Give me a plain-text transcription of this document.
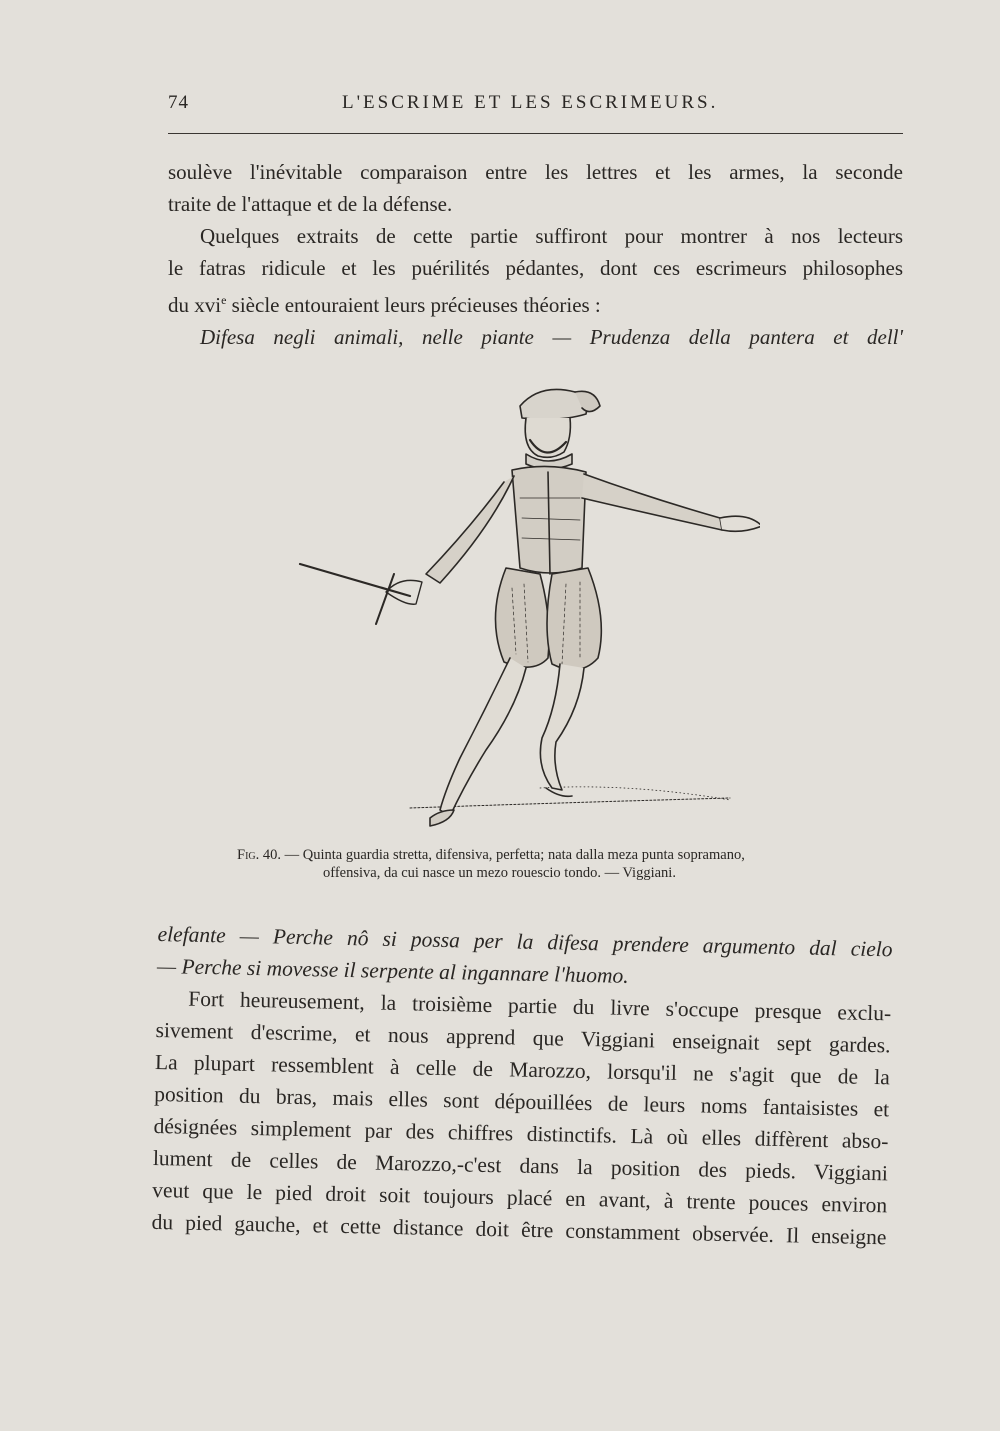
74	L'ESCRIME ET LES ESCRIMEURS.
soulève l'inévitable comparaison entre les lettres et les armes, la seconde
traite de l'attaque et de la défense.
Quelques extraits de cette partie suffiront pour montrer à nos lecteurs
le fatras ridicule et les puérilités pédantes, dont ces escrimeurs philosophes
du xvi$^e$ siècle entouraient leurs précieuses théories :
Difesa negli animali, nelle piante — Prudenza della pantera et dell'
Fig. 40. — Quinta guardia stretta, difensiva, perfetta; nata dalla meza punta sopramano,
offensiva, da cui nasce un mezo rouescio tondo. — Viggiani.
elefante — Perche nô si possa per la difesa prendere argumento dal cielo
— Perche si movesse il serpente al ingannare l'huomo.
Fort heureusement, la troisième partie du livre s'occupe presque exclu-
sivement d'escrime, et nous apprend que Viggiani enseignait sept gardes.
La plupart ressemblent à celle de Marozzo, lorsqu'il ne s'agit que de la
position du bras, mais elles sont dépouillées de leurs noms fantaisistes et
désignées simplement par des chiffres distinctifs. Là où elles diffèrent abso-
lument de celles de Marozzo,-c'est dans la position des pieds. Viggiani
veut que le pied droit soit toujours placé en avant, à trente pouces environ
du pied gauche, et cette distance doit être constamment observée. Il enseigne
